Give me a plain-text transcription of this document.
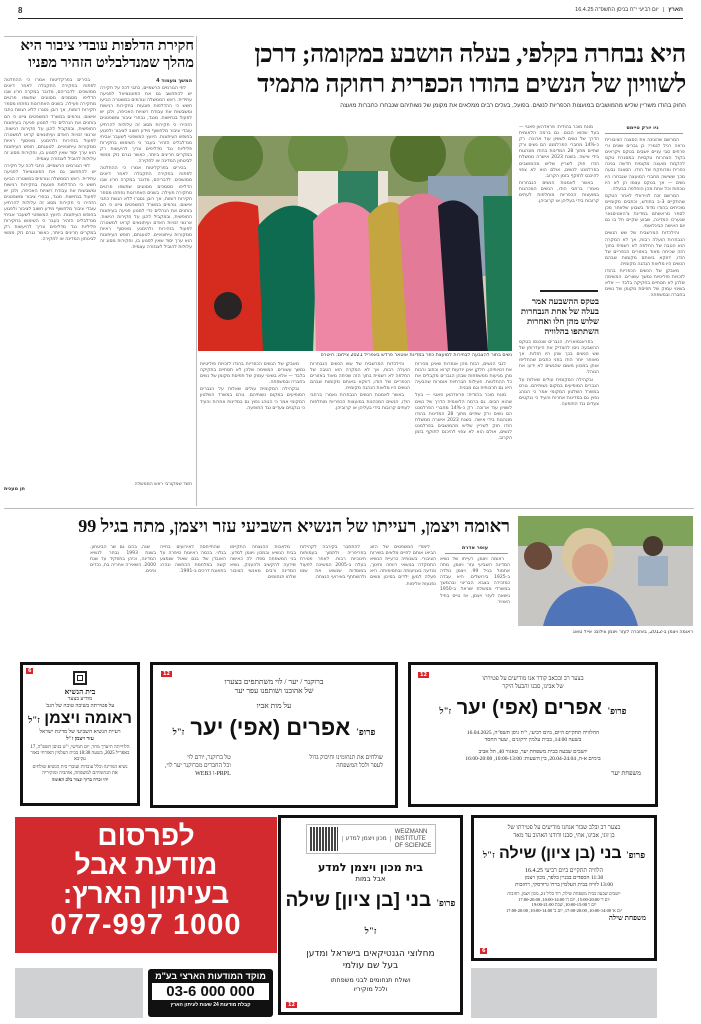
8	הארץ
|
יום רביעי י"ח בניסן התשפ"ה 16.4.25
היא נבחרה בקלפי, בעלה הושבע במקומה; דרכן לשוויון של הנשים בהודו הכפרית רחוקה מתמיד
החוק בהודו משריין שליש מהמושבים במועצות הכפריות לנשים. בפועל, בעלים רבים ממלאים את מקומן של נשותיהם שנבחרו כחברות מועצה
ניו יורק טיימס

המרשם שהציגה את הסצנה הציבורית נראה רגיל לגמרי: כן גברים שונים ורי פרחים סבי עניים יושבים בטקס ויקראים בקול הצהרות טקסיות במסגרת טקס להקמת מועצה מקומית חדשה בגינה כפרית ומרוחקת של הודו. הסצנה נבעה מכך ששישה מחברי המועצה שנבחרו היו נשים — אך בטקס עצמו הן לא היו נוכחות וכל אחת מהן הוחלפה בבעלה.

המרשם זכה לוויראלי לאחר הטקס שהתקיים 3-ב בחודש, וכתבים מקומיים מוכיחים בהודו מדוד בשבוע שלאחר מכן לספר מראשתם במדינת צ'האטיסגאר שנערכו המדינה, שבוע שקיים חל בו גם יום האישה הבינלאומי.

והילכדות המרשבית של שש הנשים הנבחרות הועלה רבות, אך לא המקרה הוא הטבה של החלפה לא רשמית בתוך הזה שכיחה מאוד באזורים הכפריים של הודו, דווקא באותם מקומות שבהם הנשים היו מלאות הנהגה מקומית.

מאבקן של הנשים הכפריות בהודו לזכויות פוליטיות נמשך עשורים. המשימה שלהן לא תסתיים בחקיקה בלבד — אלא בשינוי עמוק של תפיסת מקומן של נשים בחברה ובמשפחה.

מונח מוכר בהודית: פראדהאן פאטי — בעל שהוא הבוס. גם ברמה הלאומית הדרך של נשים לשוויון עוד ארוכה. רק כ-14% מחברי הפרלמנט הם נשים ורק שתיים מתוך 28 המדינות בהודו מונהגות בידי אישה. בשנת 2023 אישרה ממשלת הודו חוק לשריין שליש מהמושבים בפרלמנט לנשים, אולם הוא לא צפוי להיכנס לתוקף בזמן הקרוב.

באשר לאמנות הנשים הנבחרות נאמר: ברחבי הודו, הנשים המכהנות במועצות הכפריות מוחלפות לעתים קרובות בידי בעליהן או קרוביהן.

בטקס ההשבעה אמר בעלה של אחת הנבחרות שלוש מהן חלו ואחרות השתתפו בהלוויה

בפראגמוארית, הגברים שנכנסו בטקס ההשבעה ניסו להצדיק את היעדרותן של שש הנשים בכך שהן היו חולות. אך מאוחר יותר הודו בפני כתבים שהחליפו אותן במכוון משום שהנשים לא ידעו את הנוהל.

ובקהילה המקומית עולים שאלות על הגברים המופיעים במקום נשותיהם. גורם במשרד השלטון המקומי אמר כי הנוהג נפוץ גם במדינות אחרות והעיד כי ננקטים צעדים נגד התופעה.

נשים בתור להצבעה לבחירות למועצת כפר במדינת אוטאר פרדש באפריל 2021 צילום: רויטרס

לגבי הנשים, רבות מהן אומרות שאינן מכירות את זכויותיהן. חלקן אינן יודעות קרוא וכתוב ורבות מהן מגיעות ממשפחות שבהן הגברים מקבלים את כל ההחלטות. פעילות חברתיות אומרות שהבעיה היא גם תרבותית וגם מבנית.

מונח מוכר בהודית: פראדהאן פאטי — בעל שהוא הבוס. גם ברמה הלאומית הדרך של נשים לשוויון עוד ארוכה. רק כ-14% מחברי הפרלמנט הם נשים ורק שתיים מתוך 28 המדינות בהודו מונהגות בידי אישה. בשנת 2023 אישרה ממשלת הודו חוק לשריין שליש מהמושבים בפרלמנט לנשים, אולם הוא לא צפוי להיכנס לתוקף בזמן הקרוב.

והילכדות המרשבית של שש הנשים הנבחרות הועלה רבות, אך לא המקרה הוא הטבה של החלפה לא רשמית בתוך הזה שכיחה מאוד באזורים הכפריים של הודו, דווקא באותם מקומות שבהם הנשים היו מלאות הנהגה מקומית.

באשר לאמנות הנשים הנבחרות נאמר: ברחבי הודו, הנשים המכהנות במועצות הכפריות מוחלפות לעתים קרובות בידי בעליהן או קרוביהן.

מאבקן של הנשים הכפריות בהודו לזכויות פוליטיות נמשך עשורים. המשימה שלהן לא תסתיים בחקיקה בלבד — אלא בשינוי עמוק של תפיסת מקומן של נשים בחברה ובמשפחה.

ובקהילה המקומית עולים שאלות על הגברים המופיעים במקום נשותיהם. גורם במשרד השלטון המקומי אמר כי הנוהג נפוץ גם במדינות אחרות והעיד כי ננקטים צעדים נגד התופעה.

חקירת הדלפות עובדי ציבור היא מהלך שמנדלבליט הזהיר מפניו
המשך מעמוד 4

לפי הגורמים הרשמיים, כתבי לכה על חקירה יש להתחשב גם את הפוטנציאל לפגיעה עתידית. ראש הממשלה וגורמים במשטרה הביעו חשש כי ההדלפות פוגעות בחקירות רגישות ומשבשות את עבודת רשויות האכיפה, ולכן יש לפעול בנחישות. מנגד, נבחרי ציבור ומשפטנים הזהירו כי חקירות מסוג זה עלולות להרתיע עובדי ציבור מלחשוף מידע חשוב לציבור ולפגוע בחופש העיתונות. היועץ המשפטי לשעבר אביחי מנדלבליט הזהיר בעבר כי השימוש בחקירות פליליות נגד מדליפים צריך להיעשות רק במקרים חריגים ביותר, כאשר נגרם נזק ממשי לביטחון המדינה או לחקירה.

בכירים בפרקליטות אמרו כי ההחלטה לפתוח בחקירה התקבלה לאחר דיונים ממושכים. לדבריהם, מדובר במקרה חריג שבו הדליפו מסמכים מסווגים שחשפו פרטים מחקירה פעילה. בשנים האחרונות נפתחו מספר חקירות דומות, אך רובן נסגרו ללא הגשת כתבי אישום. גורמים במשרד המשפטים ציינו כי הם בוחנים את הנהלים כדי למנוע פגיעה בעיתונות החופשית, ובמקביל להגן על חקירות רגישות. ארגוני זכויות האדם ועיתונאים קראו למשטרה לפעול בזהירות ולהימנע מאיסוף ראיות ממקורות עיתונאיים. לטענתם, חופש העיתונות הוא ערך יסוד שאין לפגוע בו, וחקירות מסוג זה עלולות להוביל לצנזורה עצמית.

בכירים בפרקליטות אמרו כי ההחלטה לפתוח בחקירה התקבלה לאחר דיונים ממושכים. לדבריהם, מדובר במקרה חריג שבו הדליפו מסמכים מסווגים שחשפו פרטים מחקירה פעילה. בשנים האחרונות נפתחו מספר חקירות דומות, אך רובן נסגרו ללא הגשת כתבי אישום. גורמים במשרד המשפטים ציינו כי הם בוחנים את הנהלים כדי למנוע פגיעה בעיתונות החופשית, ובמקביל להגן על חקירות רגישות. ארגוני זכויות האדם ועיתונאים קראו למשטרה לפעול בזהירות ולהימנע מאיסוף ראיות ממקורות עיתונאיים. לטענתם, חופש העיתונות הוא ערך יסוד שאין לפגוע בו, וחקירות מסוג זה עלולות להוביל לצנזורה עצמית.

לפי הגורמים הרשמיים, כתבי לכה על חקירה יש להתחשב גם את הפוטנציאל לפגיעה עתידית. ראש הממשלה וגורמים במשטרה הביעו חשש כי ההדלפות פוגעות בחקירות רגישות ומשבשות את עבודת רשויות האכיפה, ולכן יש לפעול בנחישות. מנגד, נבחרי ציבור ומשפטנים הזהירו כי חקירות מסוג זה עלולות להרתיע עובדי ציבור מלחשוף מידע חשוב לציבור ולפגוע בחופש העיתונות. היועץ המשפטי לשעבר אביחי מנדלבליט הזהיר בעבר כי השימוש בחקירות פליליות נגד מדליפים צריך להיעשות רק במקרים חריגים ביותר, כאשר נגרם נזק ממשי לביטחון המדינה או לחקירה.

חשד שמקורבי ראש הממשלה
חן מענית
ראומה ויצמן, רעייתו של הנשיא השביעי עזר ויצמן, מתה בגיל 99
ראומה ויצמן ב-2012, באזכרה לעזר ויצמן צילום: אייל טואג
עופר אדרת

ראומה ויצמן, רעייתו של נשיא המדינה השביעי עזר ויצמן, מתה אתמול בגיל 99. ויצמן נולדה ב-1925 בירושלים. היא עבדה כמזכירה בצבא הבריטי ובהמשך במשרדי ממשלת ישראל. ב-1950 נישאה לעזר ויצמן, אז טייס בחיל האוויר.

לימודי המשפטים של הזוג הביאו אותם לחיים מלאים בשירות הציבורי. בשנותיה כרעיית הנשיא התמקדה בנושאי רווחה וחינוך, ונודעה בצניעותה ובחמימותה. היא פעלה למען ילדים בסיכון ונשים נפגעות אלימות.

להתחבר בקירבה לקהילות בפריפריה ולתמוך בעמותות חינוכיות רבות. לאחר פטירת בעלה ב-2005 המשיכה לפעול במוסדות שנשאו את שמו ולהשתתף באירועי הנצחה.

מלאכות ההנצחה התקיימו בבית הנשיא ובמכון ויצמן למדע. בני המשפחה ספדו לה כאישה שידעה להקשיב ולהעניק. נשיא המדינה ורבים מאנשי הציבור שלחו תנחומים.

שהתייחסה לאירועים בחייה בגלוי. בכמה ראיונות סיפרה על האובדן של בנם שאול שנפצע קשה במלחמת ההתשה ונהרג בתאונת דרכים ב-1991.

שנה, בהם גם שר הביטחון. בשנת 1993 נבחר לנשיא המדינה, וכיהן בתפקיד עד שנת 2000. השאירה אחריה בת, נכדים ונינים.

6
בית הנשיא
מודיע בצער
על פטירתה בשיבה טובה של הגב'
ראומה ויצמן ז"ל
רעיית הנשיא השביעי של מדינת ישראל
עזר ויצמן ז"ל
הלווייתה תיערך מחר, יום חמישי, י"ט בניסן תשפ"ה, 17 באפריל 2025, בשעה 10:30 בבית העלמין האזרחי באור עקיבא
נשיא המדינה וכלל עובדות ועובדי בית הנשיא שולחים את תנחומיהם למשפחה, אוהביה ומוקיריה
יהי זכרה ברוך ונצור בלב האומה
12
ברוקנר / יער / לוי משתתפים בצערו
של אהובנו ושותפנו עפר יער
על מות אביו
פרופ' אפרים (אפי) יער ז"ל
שולחים את תנחומינו וחיבוק גדול
לעפר ולכל המשפחה
טל ברוקנר, יורם לוי
וכל החברים מברוקנר יער לוי,
PRPL-ו WEB3
12
בצער רב ובכאב קודר אנו מודיעים על פטירתו
של אבינו, סבנו והבעל היקר
פרופ' אפרים (אפי) יער ז"ל
ההלוויה תתקיים היום, ביום רביעי, י"ח ניסן תשפ"ה, 16.04.2025
בשעה 14:00, בבית עלמין ירקונים , שער החסד
יושבים שבעה בבית משפחת יער, טאגור 40, תל אביב
בימים א-ה, 20.04-24.04, בין השעות: 10:00-13:00, 16:00-20:00
משפחת יער
לפרסום
מודעת אבל
בעיתון הארץ:
077-997 1000
מוקד המודעות הארצי בע"מ
03-6 000 000
קבלת מודעות 24 שעות לעיתון הארץ
מכון ויצמן למדע
WEIZMANN
INSTITUTE
OF SCIENCE
בית מכון ויצמן למדע
אבל במות
פרופ' בני [בן ציון] שילה ז"ל
מחלוצי הגנטיקאים בישראל ומדען
בעל שם עולמי
ושולח תנחומים לבני משפחתו
ולכל מוקיריו
12
בצער רב ובלב שבור אנחנו מודיעים על פטירתו של
בן זוגי, אבינו, אחי, סבנו ודודנו האהוב עד מאד
פרופ' בני (בן ציון) שילה ז"ל
הלוויה תתקיים ביום רביעי 16.4.25
11:30 הספדים בבניין בלפר, מכון ויצמן
13:00 לוויה בבית העלמין ברח' גרודסקי, רחובות
יושבים שבעה בבית משפחת שילה, רח' בליל 21, מכון ויצמן, רחובות
יום ד' 15:00-20:00, יום ה' 10:00-14:00, 17:00-20:00
יום ו' 10:00-15:00, שבת 19:00-21:00
יום א' 10:00-14:00, 17:00-20:00, יום ב' 10:00-14:00, 17:00-20:00
משפחת שילה
6
